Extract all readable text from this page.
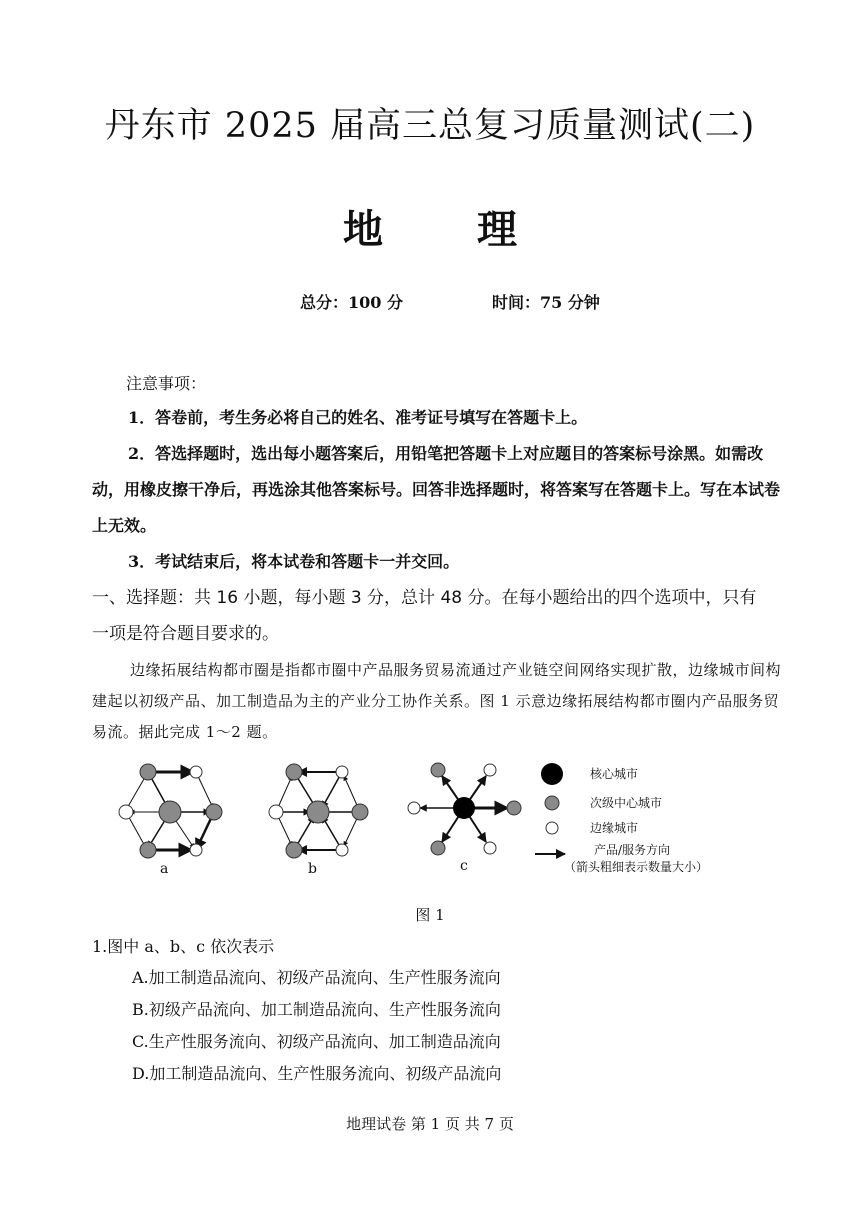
丹东市 2025 届高三总复习质量测试(二)
地 理
总分：100 分	时间：75 分钟
注意事项：
1．答卷前，考生务必将自己的姓名、准考证号填写在答题卡上。
2．答选择题时，选出每小题答案后，用铅笔把答题卡上对应题目的答案标号涂黑。如需改动，用橡皮擦干净后，再选涂其他答案标号。回答非选择题时，将答案写在答题卡上。写在本试卷上无效。
3．考试结束后，将本试卷和答题卡一并交回。
一、选择题：共 16 小题，每小题 3 分，总计 48 分。在每小题给出的四个选项中，只有一项是符合题目要求的。
边缘拓展结构都市圈是指都市圈中产品服务贸易流通过产业链空间网络实现扩散，边缘城市间构建起以初级产品、加工制造品为主的产业分工协作关系。图 1 示意边缘拓展结构都市圈内产品服务贸易流。据此完成 1～2 题。
a	b	c
核心城市
次级中心城市
边缘城市
产品/服务方向
（箭头粗细表示数量大小）
图 1
1.图中 a、b、c 依次表示
A.加工制造品流向、初级产品流向、生产性服务流向
B.初级产品流向、加工制造品流向、生产性服务流向
C.生产性服务流向、初级产品流向、加工制造品流向
D.加工制造品流向、生产性服务流向、初级产品流向
地理试卷 第 1 页 共 7 页
